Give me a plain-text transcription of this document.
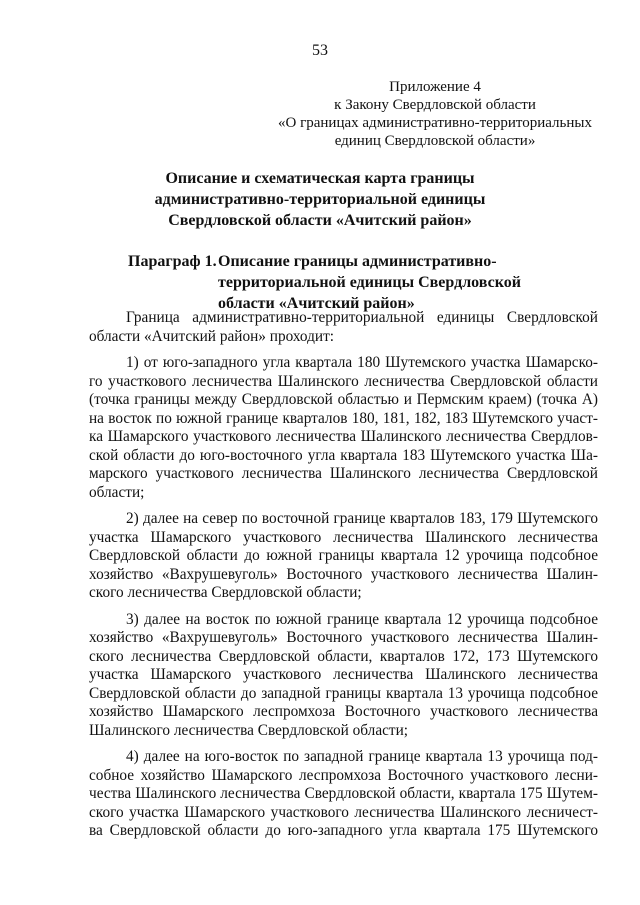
53
Приложение 4
к Закону Свердловской области
«О границах административно-территориальных
единиц Свердловской области»
Описание и схематическая карта границы
административно-территориальной единицы
Свердловской области «Ачитский район»
Параграф 1. Описание границы административно-
территориальной единицы Свердловской
области «Ачитский район»
Граница административно-территориальной единицы Свердловской
области «Ачитский район» проходит:
1) от юго-западного угла квартала 180 Шутемского участка Шамарско-
го участкового лесничества Шалинского лесничества Свердловской области
(точка границы между Свердловской областью и Пермским краем) (точка А)
на восток по южной границе кварталов 180, 181, 182, 183 Шутемского участ-
ка Шамарского участкового лесничества Шалинского лесничества Свердлов-
ской области до юго-восточного угла квартала 183 Шутемского участка Ша-
марского участкового лесничества Шалинского лесничества Свердловской
области;
2) далее на север по восточной границе кварталов 183, 179 Шутемского
участка Шамарского участкового лесничества Шалинского лесничества
Свердловской области до южной границы квартала 12 урочища подсобное
хозяйство «Вахрушевуголь» Восточного участкового лесничества Шалин-
ского лесничества Свердловской области;
3) далее на восток по южной границе квартала 12 урочища подсобное
хозяйство «Вахрушевуголь» Восточного участкового лесничества Шалин-
ского лесничества Свердловской области, кварталов 172, 173 Шутемского
участка Шамарского участкового лесничества Шалинского лесничества
Свердловской области до западной границы квартала 13 урочища подсобное
хозяйство Шамарского леспромхоза Восточного участкового лесничества
Шалинского лесничества Свердловской области;
4) далее на юго-восток по западной границе квартала 13 урочища под-
собное хозяйство Шамарского леспромхоза Восточного участкового лесни-
чества Шалинского лесничества Свердловской области, квартала 175 Шутем-
ского участка Шамарского участкового лесничества Шалинского лесничест-
ва Свердловской области до юго-западного угла квартала 175 Шутемского
